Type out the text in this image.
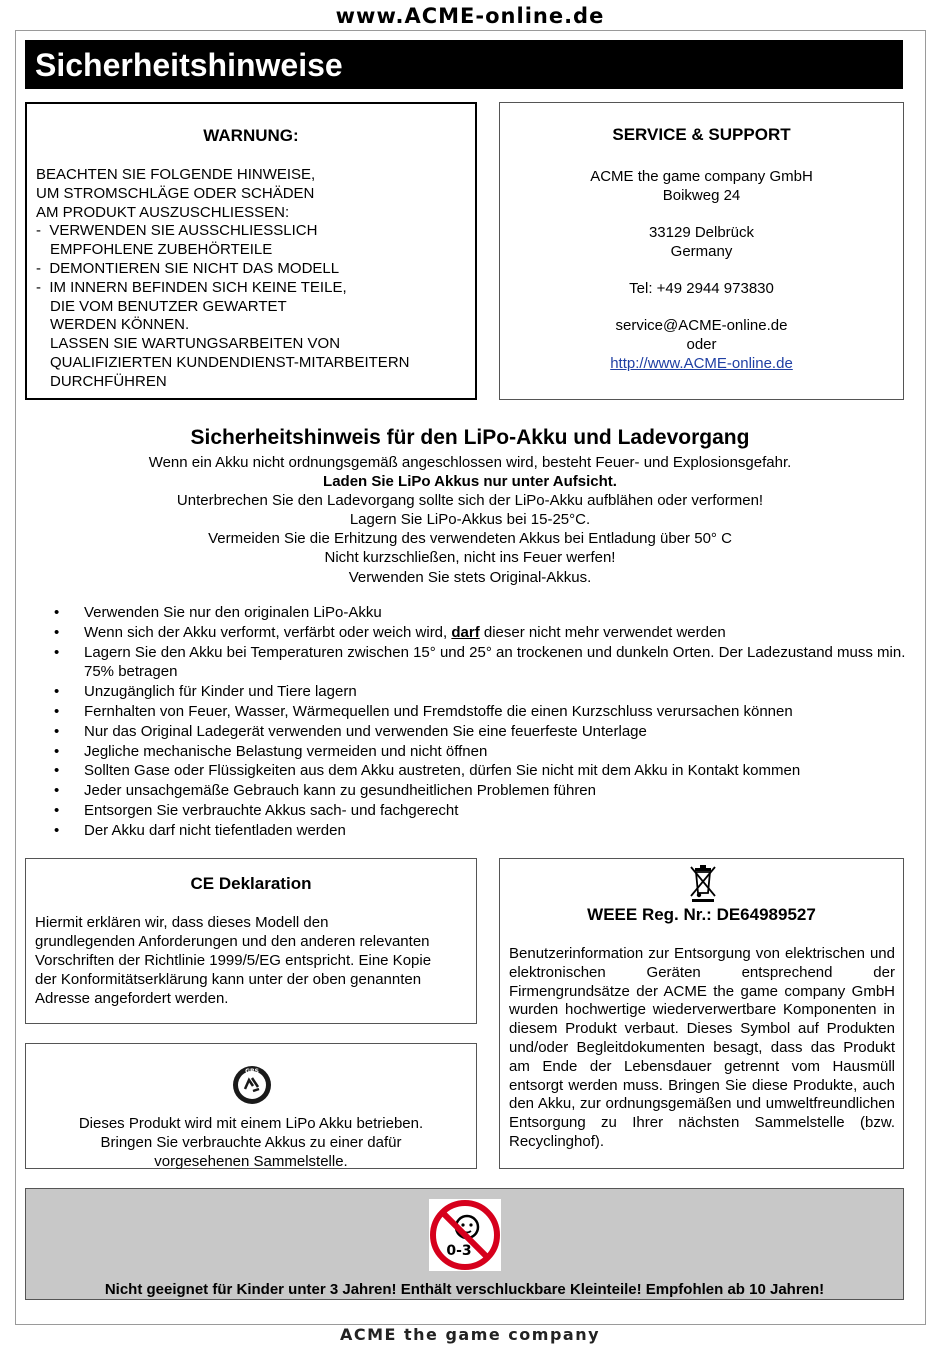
www.ACME-online.de
Sicherheitshinweise
WARNUNG:
BEACHTEN SIE FOLGENDE HINWEISE,
UM STROMSCHLÄGE ODER SCHÄDEN
AM PRODUKT AUSZUSCHLIESSEN:
-  VERWENDEN SIE AUSSCHLIESSLICH
EMPFOHLENE ZUBEHÖRTEILE
-  DEMONTIEREN SIE NICHT DAS MODELL
-  IM INNERN BEFINDEN SICH KEINE TEILE,
DIE VOM BENUTZER GEWARTET
WERDEN KÖNNEN.
LASSEN SIE WARTUNGSARBEITEN VON
QUALIFIZIERTEN KUNDENDIENST-MITARBEITERN
DURCHFÜHREN
SERVICE & SUPPORT
ACME the game company GmbH
Boikweg 24
33129 Delbrück
Germany
Tel: +49 2944 973830
service@ACME-online.de
oder
http://www.ACME-online.de
Sicherheitshinweis für den LiPo-Akku und Ladevorgang
Wenn ein Akku nicht ordnungsgemäß angeschlossen wird, besteht Feuer- und Explosionsgefahr.
Laden Sie LiPo Akkus nur unter Aufsicht.
Unterbrechen Sie den Ladevorgang sollte sich der LiPo-Akku aufblähen oder verformen!
Lagern Sie LiPo-Akkus bei 15-25°C.
Vermeiden Sie die Erhitzung des verwendeten Akkus bei Entladung über 50° C
Nicht kurzschließen, nicht ins Feuer werfen!
Verwenden Sie stets Original-Akkus.
• Verwenden Sie nur den originalen LiPo-Akku
• Wenn sich der Akku verformt, verfärbt oder weich wird, darf dieser nicht mehr verwendet werden
• Lagern Sie den Akku bei Temperaturen zwischen 15° und 25° an trockenen und dunkeln Orten. Der Ladezustand muss min. 75% betragen
• Unzugänglich für Kinder und Tiere lagern
• Fernhalten von Feuer, Wasser, Wärmequellen und Fremdstoffe die einen Kurzschluss verursachen können
• Nur das Original Ladegerät verwenden und verwenden Sie eine feuerfeste Unterlage
• Jegliche mechanische Belastung vermeiden und nicht öffnen
• Sollten Gase oder Flüssigkeiten aus dem Akku austreten, dürfen Sie nicht mit dem Akku in Kontakt kommen
• Jeder unsachgemäße Gebrauch kann zu gesundheitlichen Problemen führen
• Entsorgen Sie verbrauchte Akkus sach- und fachgerecht
• Der Akku darf nicht tiefentladen werden
CE Deklaration
Hiermit erklären wir, dass dieses Modell den
grundlegenden Anforderungen und den anderen relevanten
Vorschriften der Richtlinie 1999/5/EG entspricht. Eine Kopie
der Konformitätserklärung kann unter der oben genannten
Adresse angefordert werden.
GRS
Dieses Produkt wird mit einem LiPo Akku betrieben.
Bringen Sie verbrauchte Akkus zu einer dafür
vorgesehenen Sammelstelle.
WEEE Reg. Nr.: DE64989527
Benutzerinformation zur Entsorgung von elektrischen und elektronischen Geräten entsprechend der Firmengrundsätze der ACME the game company GmbH wurden hochwertige wiederverwertbare Komponenten in diesem Produkt verbaut. Dieses Symbol auf Produkten und/oder Begleitdokumenten besagt, dass das Produkt am Ende der Lebensdauer getrennt vom Hausmüll entsorgt werden muss. Bringen Sie diese Produkte, auch den Akku, zur ordnungsgemäßen und umweltfreundlichen Entsorgung zu Ihrer nächsten Sammelstelle (bzw. Recyclinghof).
0-3
Nicht geeignet für Kinder unter 3 Jahren! Enthält verschluckbare Kleinteile! Empfohlen ab 10 Jahren!
ACME the game company
